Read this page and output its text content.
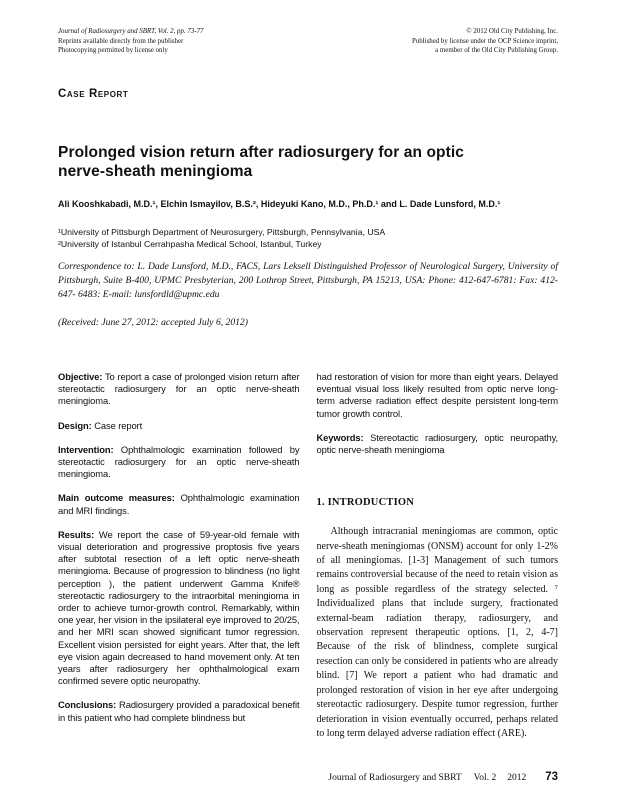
Journal of Radiosurgery and SBRT, Vol. 2, pp. 73-77
Reprints available directly from the publisher
Photocopying permitted by license only
© 2012 Old City Publishing, Inc.
Published by license under the OCP Science imprint,
a member of the Old City Publishing Group.
Case Report
Prolonged vision return after radiosurgery for an optic nerve-sheath meningioma
Ali Kooshkabadi, M.D.¹, Elchin Ismayilov, B.S.², Hideyuki Kano, M.D., Ph.D.¹ and L. Dade Lunsford, M.D.¹
¹University of Pittsburgh Department of Neurosurgery, Pittsburgh, Pennsylvania, USA
²University of Istanbul Cerrahpasha Medical School, Istanbul, Turkey
Correspondence to: L. Dade Lunsford, M.D., FACS, Lars Leksell Distinguished Professor of Neurological Surgery, University of Pittsburgh, Suite B-400, UPMC Presbyterian, 200 Lothrop Street, Pittsburgh, PA 15213, USA: Phone: 412-647-6781: Fax: 412-647- 6483: E-mail: lunsfordld@upmc.edu
(Received: June 27, 2012: accepted July 6, 2012)

Objective: To report a case of prolonged vision return after stereotactic radiosurgery for an optic nerve-sheath meningioma.

Design: Case report

Intervention: Ophthalmologic examination followed by stereotactic radiosurgery for an optic nerve-sheath meningioma.

Main outcome measures: Ophthalmologic examination and MRI findings.

Results: We report the case of 59-year-old female with visual deterioration and progressive proptosis five years after subtotal resection of a left optic nerve-sheath meningioma. Because of progression to blindness (no light perception ), the patient underwent Gamma Knife® stereotactic radiosurgery to the intraorbital meningioma in order to achieve tumor-growth control. Remarkably, within one year, her vision in the ipsilateral eye improved to 20/25, and her MRI scan showed significant tumor regression. Excellent vision persisted for eight years. After that, the left eye vision again decreased to hand movement only. At ten years after radiosurgery her ophthalmological exam confirmed severe optic neuropathy.

Conclusions: Radiosurgery provided a paradoxical benefit in this patient who had complete blindness but

had restoration of vision for more than eight years. Delayed eventual visual loss likely resulted from optic nerve long-term adverse radiation effect despite persistent long-term tumor growth control.

Keywords: Stereotactic radiosurgery, optic neuropathy, optic nerve-sheath meningioma

1. INTRODUCTION

Although intracranial meningiomas are common, optic nerve-sheath meningiomas (ONSM) account for only 1-2% of all meningiomas. [1-3] Management of such tumors remains controversial because of the need to retain vision as long as possible regardless of the strategy selected. ⁷ Individualized plans that include surgery, fractionated external-beam radiation therapy, radiosurgery, and observation represent therapeutic options. [1, 2, 4-7] Because of the risk of blindness, complete surgical resection can only be considered in patients who are already blind. [7] We report a patient who had dramatic and prolonged restoration of vision in her eye after undergoing stereotactic radiosurgery. Despite tumor regression, further deterioration in vision eventually occurred, perhaps related to long term delayed adverse radiation effect (ARE).

Journal of Radiosurgery and SBRT Vol. 2 2012 73
